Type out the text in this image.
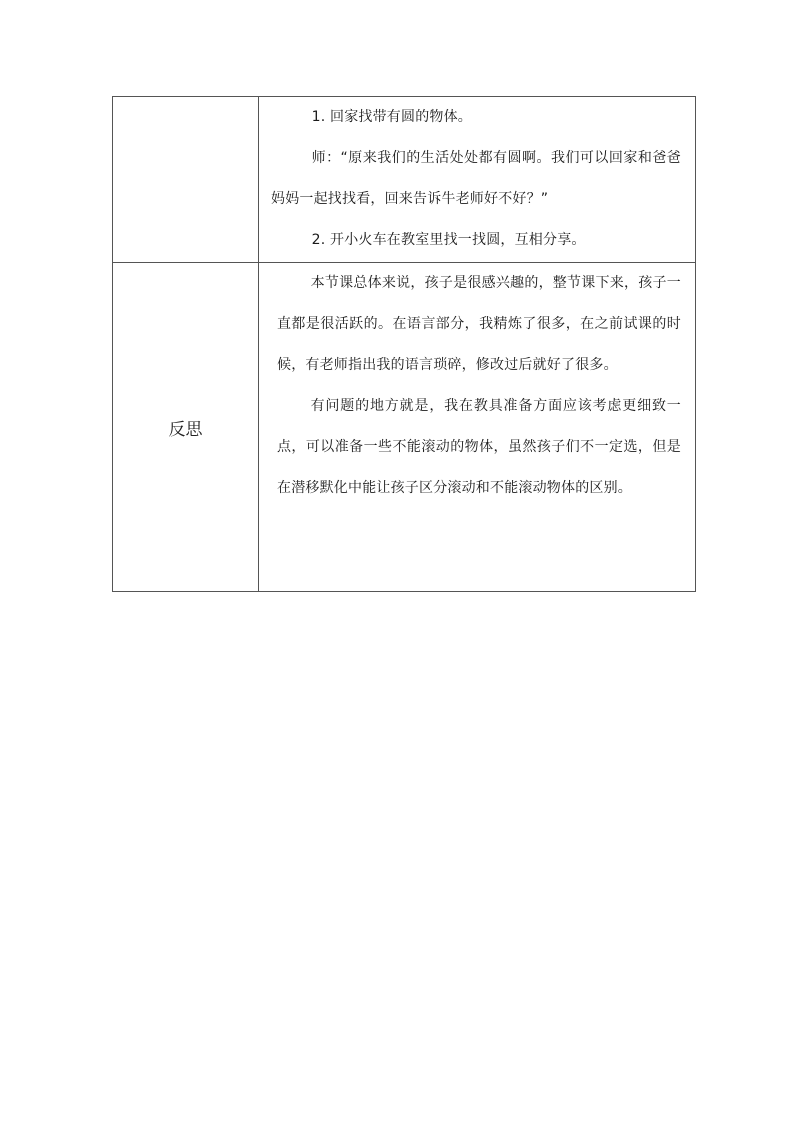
	1. 回家找带有圆的物体。

师：“原来我们的生活处处都有圆啊。我们可以回家和爸爸妈妈一起找找看，回来告诉牛老师好不好？”

2. 开小火车在教室里找一找圆，互相分享。

反思	本节课总体来说，孩子是很感兴趣的，整节课下来，孩子一直都是很活跃的。在语言部分，我精炼了很多，在之前试课的时候，有老师指出我的语言琐碎，修改过后就好了很多。

有问题的地方就是，我在教具准备方面应该考虑更细致一点，可以准备一些不能滚动的物体，虽然孩子们不一定选，但是在潜移默化中能让孩子区分滚动和不能滚动物体的区别。
